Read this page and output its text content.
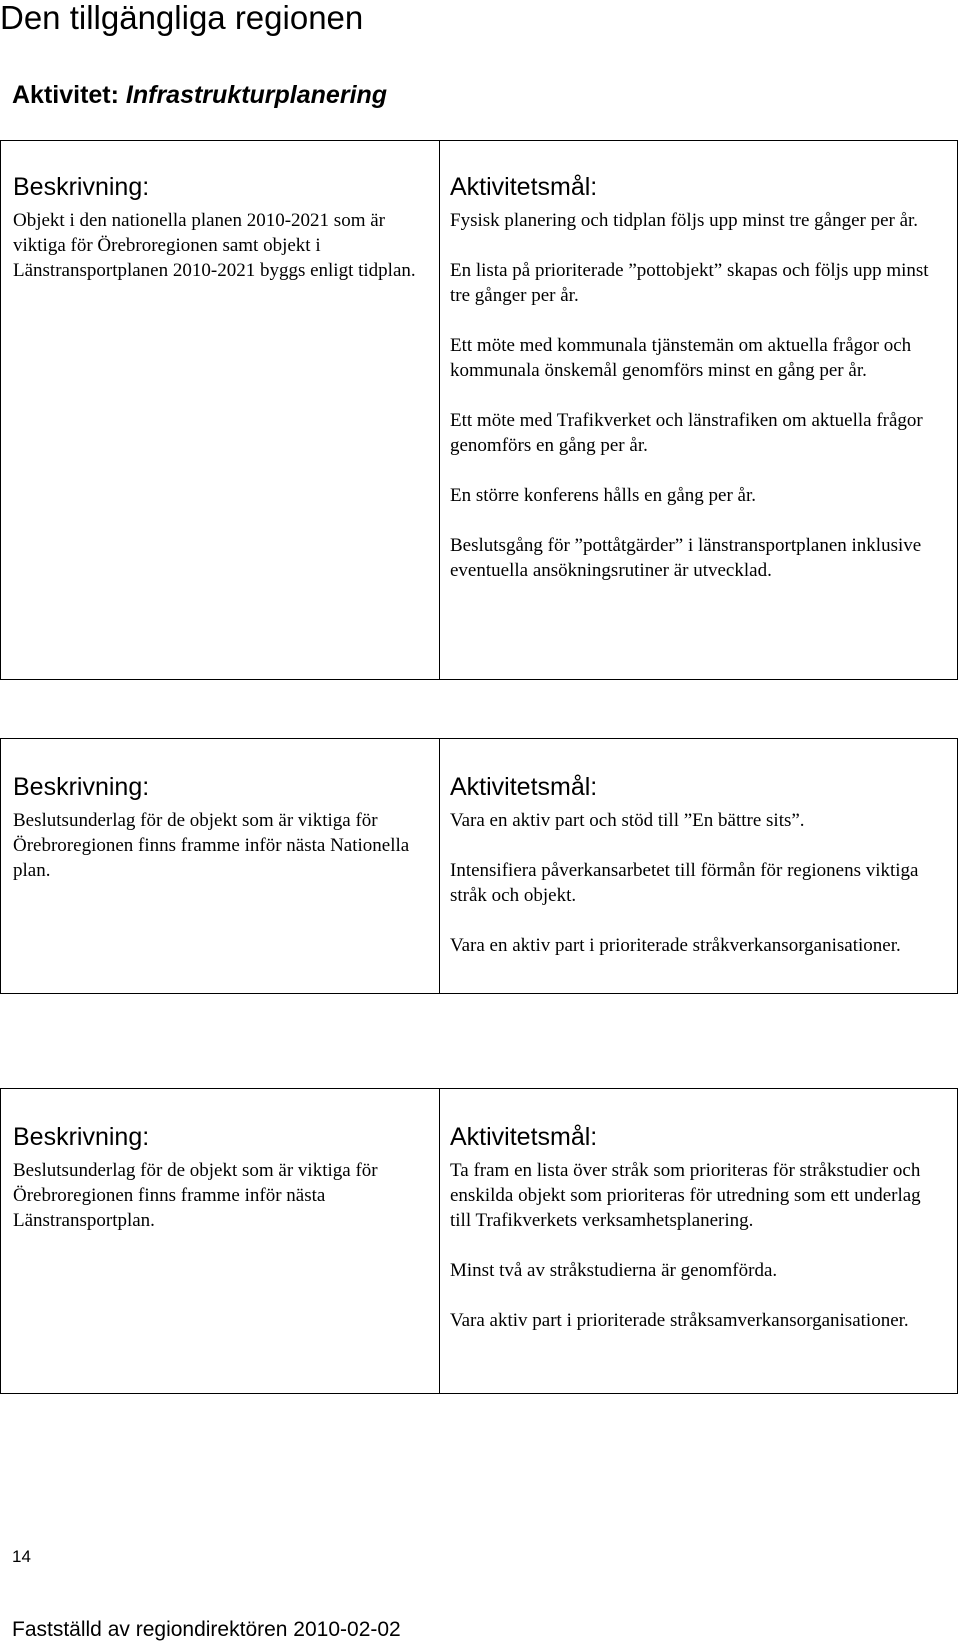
Den tillgängliga regionen

Aktivitet: Infrastrukturplanering

Beskrivning:

Objekt i den nationella planen 2010-2021 som är viktiga för Örebroregionen samt objekt i Länstransportplanen 2010-2021 byggs enligt tidplan.

Aktivitetsmål:

Fysisk planering och tidplan följs upp minst tre gånger per år.

En lista på prioriterade ”pottobjekt” skapas och följs upp minst tre gånger per år.

Ett möte med kommunala tjänstemän om aktuella frågor och kommunala önskemål genomförs minst en gång per år.

Ett möte med Trafikverket och länstrafiken om aktuella frågor genomförs en gång per år.

En större konferens hålls en gång per år.

Beslutsgång för ”pottåtgärder” i länstransportplanen inklusive eventuella ansökningsrutiner är utvecklad.

Beskrivning:

Beslutsunderlag för de objekt som är viktiga för Örebroregionen finns framme inför nästa Nationella plan.

Aktivitetsmål:

Vara en aktiv part och stöd till ”En bättre sits”.

Intensifiera påverkansarbetet till förmån för regionens viktiga stråk och objekt.

Vara en aktiv part i prioriterade stråkverkansorganisationer.

Beskrivning:

Beslutsunderlag för de objekt som är viktiga för Örebroregionen finns framme inför nästa Länstransportplan.

Aktivitetsmål:

Ta fram en lista över stråk som prioriteras för stråkstudier och enskilda objekt som prioriteras för utredning som ett underlag till Trafikverkets verksamhetsplanering.

Minst två av stråkstudierna är genomförda.

Vara aktiv part i prioriterade stråksamverkansorganisationer.

14

Fastställd av regiondirektören 2010-02-02
